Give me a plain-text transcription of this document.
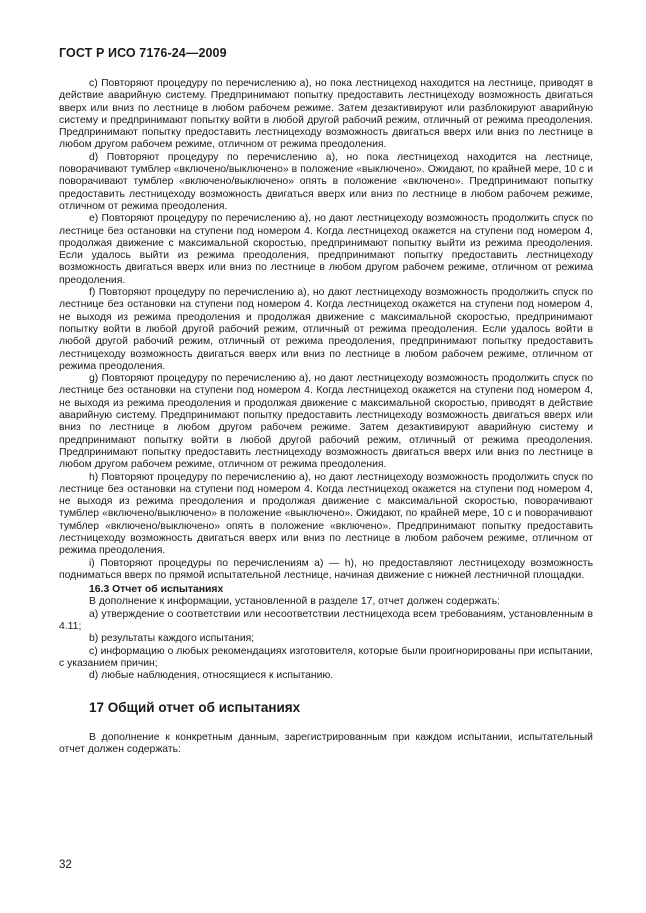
ГОСТ Р ИСО 7176-24—2009

c) Повторяют процедуру по перечислению a), но пока лестницеход находится на лестнице, приводят в действие аварийную систему. Предпринимают попытку предоставить лестницеходу возможность двигаться вверх или вниз по лестнице в любом рабочем режиме. Затем дезактивируют или разблокируют аварийную систему и предпринимают попытку войти в любой другой рабочий режим, отличный от режима преодоления. Предпринимают попытку предоставить лестницеходу возможность двигаться вверх или вниз по лестнице в любом другом рабочем режиме, отличном от режима преодоления.

d) Повторяют процедуру по перечислению a), но пока лестницеход находится на лестнице, поворачивают тумблер «включено/выключено» в положение «выключено». Ожидают, по крайней мере, 10 с и поворачивают тумблер «включено/выключено» опять в положение «включено». Предпринимают попытку предоставить лестницеходу возможность двигаться вверх или вниз по лестнице в любом рабочем режиме, отличном от режима преодоления.

e) Повторяют процедуру по перечислению a), но дают лестницеходу возможность продолжить спуск по лестнице без остановки на ступени под номером 4. Когда лестницеход окажется на ступени под номером 4, продолжая движение с максимальной скоростью, предпринимают попытку выйти из режима преодоления. Если удалось выйти из режима преодоления, предпринимают попытку предоставить лестницеходу возможность двигаться вверх или вниз по лестнице в любом другом рабочем режиме, отличном от режима преодоления.

f) Повторяют процедуру по перечислению a), но дают лестницеходу возможность продолжить спуск по лестнице без остановки на ступени под номером 4. Когда лестницеход окажется на ступени под номером 4, не выходя из режима преодоления и продолжая движение с максимальной скоростью, предпринимают попытку войти в любой другой рабочий режим, отличный от режима преодоления. Если удалось войти в любой другой рабочий режим, отличный от режима преодоления, предпринимают попытку предоставить лестницеходу возможность двигаться вверх или вниз по лестнице в любом рабочем режиме, отличном от режима преодоления.

g) Повторяют процедуру по перечислению a), но дают лестницеходу возможность продолжить спуск по лестнице без остановки на ступени под номером 4. Когда лестницеход окажется на ступени под номером 4, не выходя из режима преодоления и продолжая движение с максимальной скоростью, приводят в действие аварийную систему. Предпринимают попытку предоставить лестницеходу возможность двигаться вверх или вниз по лестнице в любом другом рабочем режиме. Затем дезактивируют аварийную систему и предпринимают попытку войти в любой другой рабочий режим, отличный от режима преодоления. Предпринимают попытку предоставить лестницеходу возможность двигаться вверх или вниз по лестнице в любом другом рабочем режиме, отличном от режима преодоления.

h) Повторяют процедуру по перечислению a), но дают лестницеходу возможность продолжить спуск по лестнице без остановки на ступени под номером 4. Когда лестницеход окажется на ступени под номером 4, не выходя из режима преодоления и продолжая движение с максимальной скоростью, поворачивают тумблер «включено/выключено» в положение «выключено». Ожидают, по крайней мере, 10 с и поворачивают тумблер «включено/выключено» опять в положение «включено». Предпринимают попытку предоставить лестницеходу возможность двигаться вверх или вниз по лестнице в любом рабочем режиме, отличном от режима преодоления.

i) Повторяют процедуры по перечислениям a) — h), но предоставляют лестницеходу возможность подниматься вверх по прямой испытательной лестнице, начиная движение с нижней лестничной площадки.

16.3 Отчет об испытаниях

В дополнение к информации, установленной в разделе 17, отчет должен содержать:

a) утверждение о соответствии или несоответствии лестницехода всем требованиям, установленным в 4.11;

b) результаты каждого испытания;

c) информацию о любых рекомендациях изготовителя, которые были проигнорированы при испытании, с указанием причин;

d) любые наблюдения, относящиеся к испытанию.

17 Общий отчет об испытаниях

В дополнение к конкретным данным, зарегистрированным при каждом испытании, испытательный отчет должен содержать:

32
